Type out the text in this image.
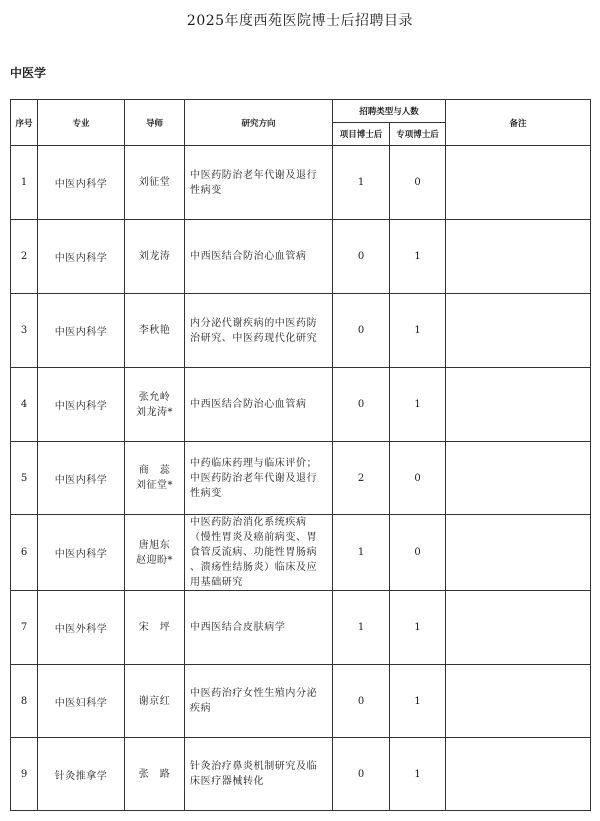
2025年度西苑医院博士后招聘目录
中医学
序号	专业	导师	研究方向	招聘类型与人数		备注
				项目博士后	专项博士后	
1	中医内科学	刘征堂	中医药防治老年代谢及退行
性病变	1	0	
2	中医内科学	刘龙涛	中西医结合防治心血管病	0	1	
3	中医内科学	李秋艳	内分泌代谢疾病的中医药防
治研究、中医药现代化研究	0	1	
4	中医内科学	张允岭
刘龙涛*	中西医结合防治心血管病	0	1	
5	中医内科学	商　蕊
刘征堂*	中药临床药理与临床评价；
中医药防治老年代谢及退行
性病变	2	0	
6	中医内科学	唐旭东
赵迎盼*	中医药防治消化系统疾病
（慢性胃炎及癌前病变、胃
食管反流病、功能性胃肠病
、溃疡性结肠炎）临床及应
用基础研究	1	0	
7	中医外科学	宋　坪	中西医结合皮肤病学	1	1	
8	中医妇科学	谢京红	中医药治疗女性生殖内分泌
疾病	0	1	
9	针灸推拿学	张　路	针灸治疗鼻炎机制研究及临
床医疗器械转化	0	1	
